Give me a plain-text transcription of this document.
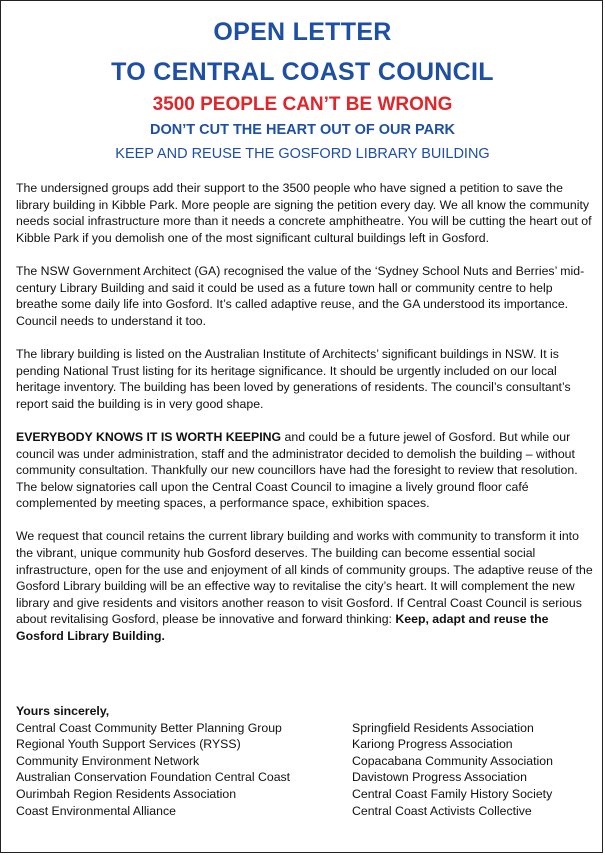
OPEN LETTER
TO CENTRAL COAST COUNCIL
3500 PEOPLE CAN’T BE WRONG
DON’T CUT THE HEART OUT OF OUR PARK
KEEP AND REUSE THE GOSFORD LIBRARY BUILDING

The undersigned groups add their support to the 3500 people who have signed a petition to save the library building in Kibble Park. More people are signing the petition every day. We all know the community needs social infrastructure more than it needs a concrete amphitheatre. You will be cutting the heart out of Kibble Park if you demolish one of the most significant cultural buildings left in Gosford.

The NSW Government Architect (GA) recognised the value of the ‘Sydney School Nuts and Berries’ mid-century Library Building and said it could be used as a future town hall or community centre to help breathe some daily life into Gosford. It’s called adaptive reuse, and the GA understood its importance. Council needs to understand it too.

The library building is listed on the Australian Institute of Architects’ significant buildings in NSW. It is pending National Trust listing for its heritage significance. It should be urgently included on our local heritage inventory. The building has been loved by generations of residents. The council’s consultant’s report said the building is in very good shape.

EVERYBODY KNOWS IT IS WORTH KEEPING and could be a future jewel of Gosford. But while our council was under administration, staff and the administrator decided to demolish the building – without community consultation. Thankfully our new councillors have had the foresight to review that resolution. The below signatories call upon the Central Coast Council to imagine a lively ground floor café complemented by meeting spaces, a performance space, exhibition spaces.

We request that council retains the current library building and works with community to transform it into the vibrant, unique community hub Gosford deserves. The building can become essential social infrastructure, open for the use and enjoyment of all kinds of community groups. The adaptive reuse of the Gosford Library building will be an effective way to revitalise the city’s heart. It will complement the new library and give residents and visitors another reason to visit Gosford. If Central Coast Council is serious about revitalising Gosford, please be innovative and forward thinking: Keep, adapt and reuse the Gosford Library Building.

Yours sincerely,
Central Coast Community Better Planning Group
Regional Youth Support Services (RYSS)
Community Environment Network
Australian Conservation Foundation Central Coast
Ourimbah Region Residents Association
Coast Environmental Alliance
Springfield Residents Association
Kariong Progress Association
Copacabana Community Association
Davistown Progress Association
Central Coast Family History Society
Central Coast Activists Collective
